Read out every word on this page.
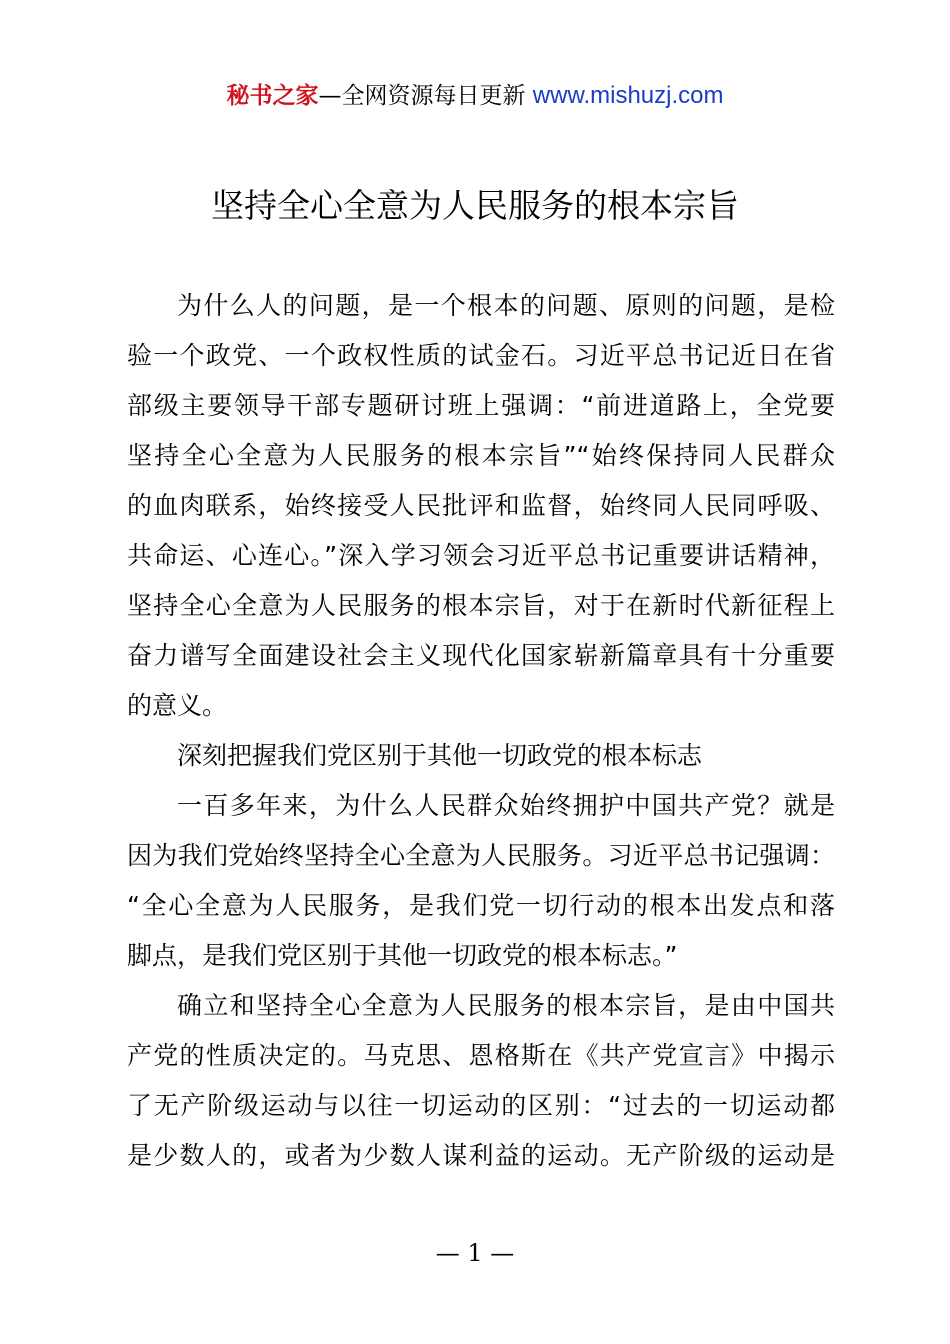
秘书之家—全网资源每日更新 www.mishuzj.com
坚持全心全意为人民服务的根本宗旨
为什么人的问题，是一个根本的问题、原则的问题，是检
验一个政党、一个政权性质的试金石。习近平总书记近日在省
部级主要领导干部专题研讨班上强调：“前进道路上，全党要
坚持全心全意为人民服务的根本宗旨”“始终保持同人民群众
的血肉联系，始终接受人民批评和监督，始终同人民同呼吸、
共命运、心连心。”深入学习领会习近平总书记重要讲话精神，
坚持全心全意为人民服务的根本宗旨，对于在新时代新征程上
奋力谱写全面建设社会主义现代化国家崭新篇章具有十分重要
的意义。
深刻把握我们党区别于其他一切政党的根本标志
一百多年来，为什么人民群众始终拥护中国共产党？就是
因为我们党始终坚持全心全意为人民服务。习近平总书记强调：
“全心全意为人民服务，是我们党一切行动的根本出发点和落
脚点，是我们党区别于其他一切政党的根本标志。”
确立和坚持全心全意为人民服务的根本宗旨，是由中国共
产党的性质决定的。马克思、恩格斯在《共产党宣言》中揭示
了无产阶级运动与以往一切运动的区别：“过去的一切运动都
是少数人的，或者为少数人谋利益的运动。无产阶级的运动是
— 1 —
